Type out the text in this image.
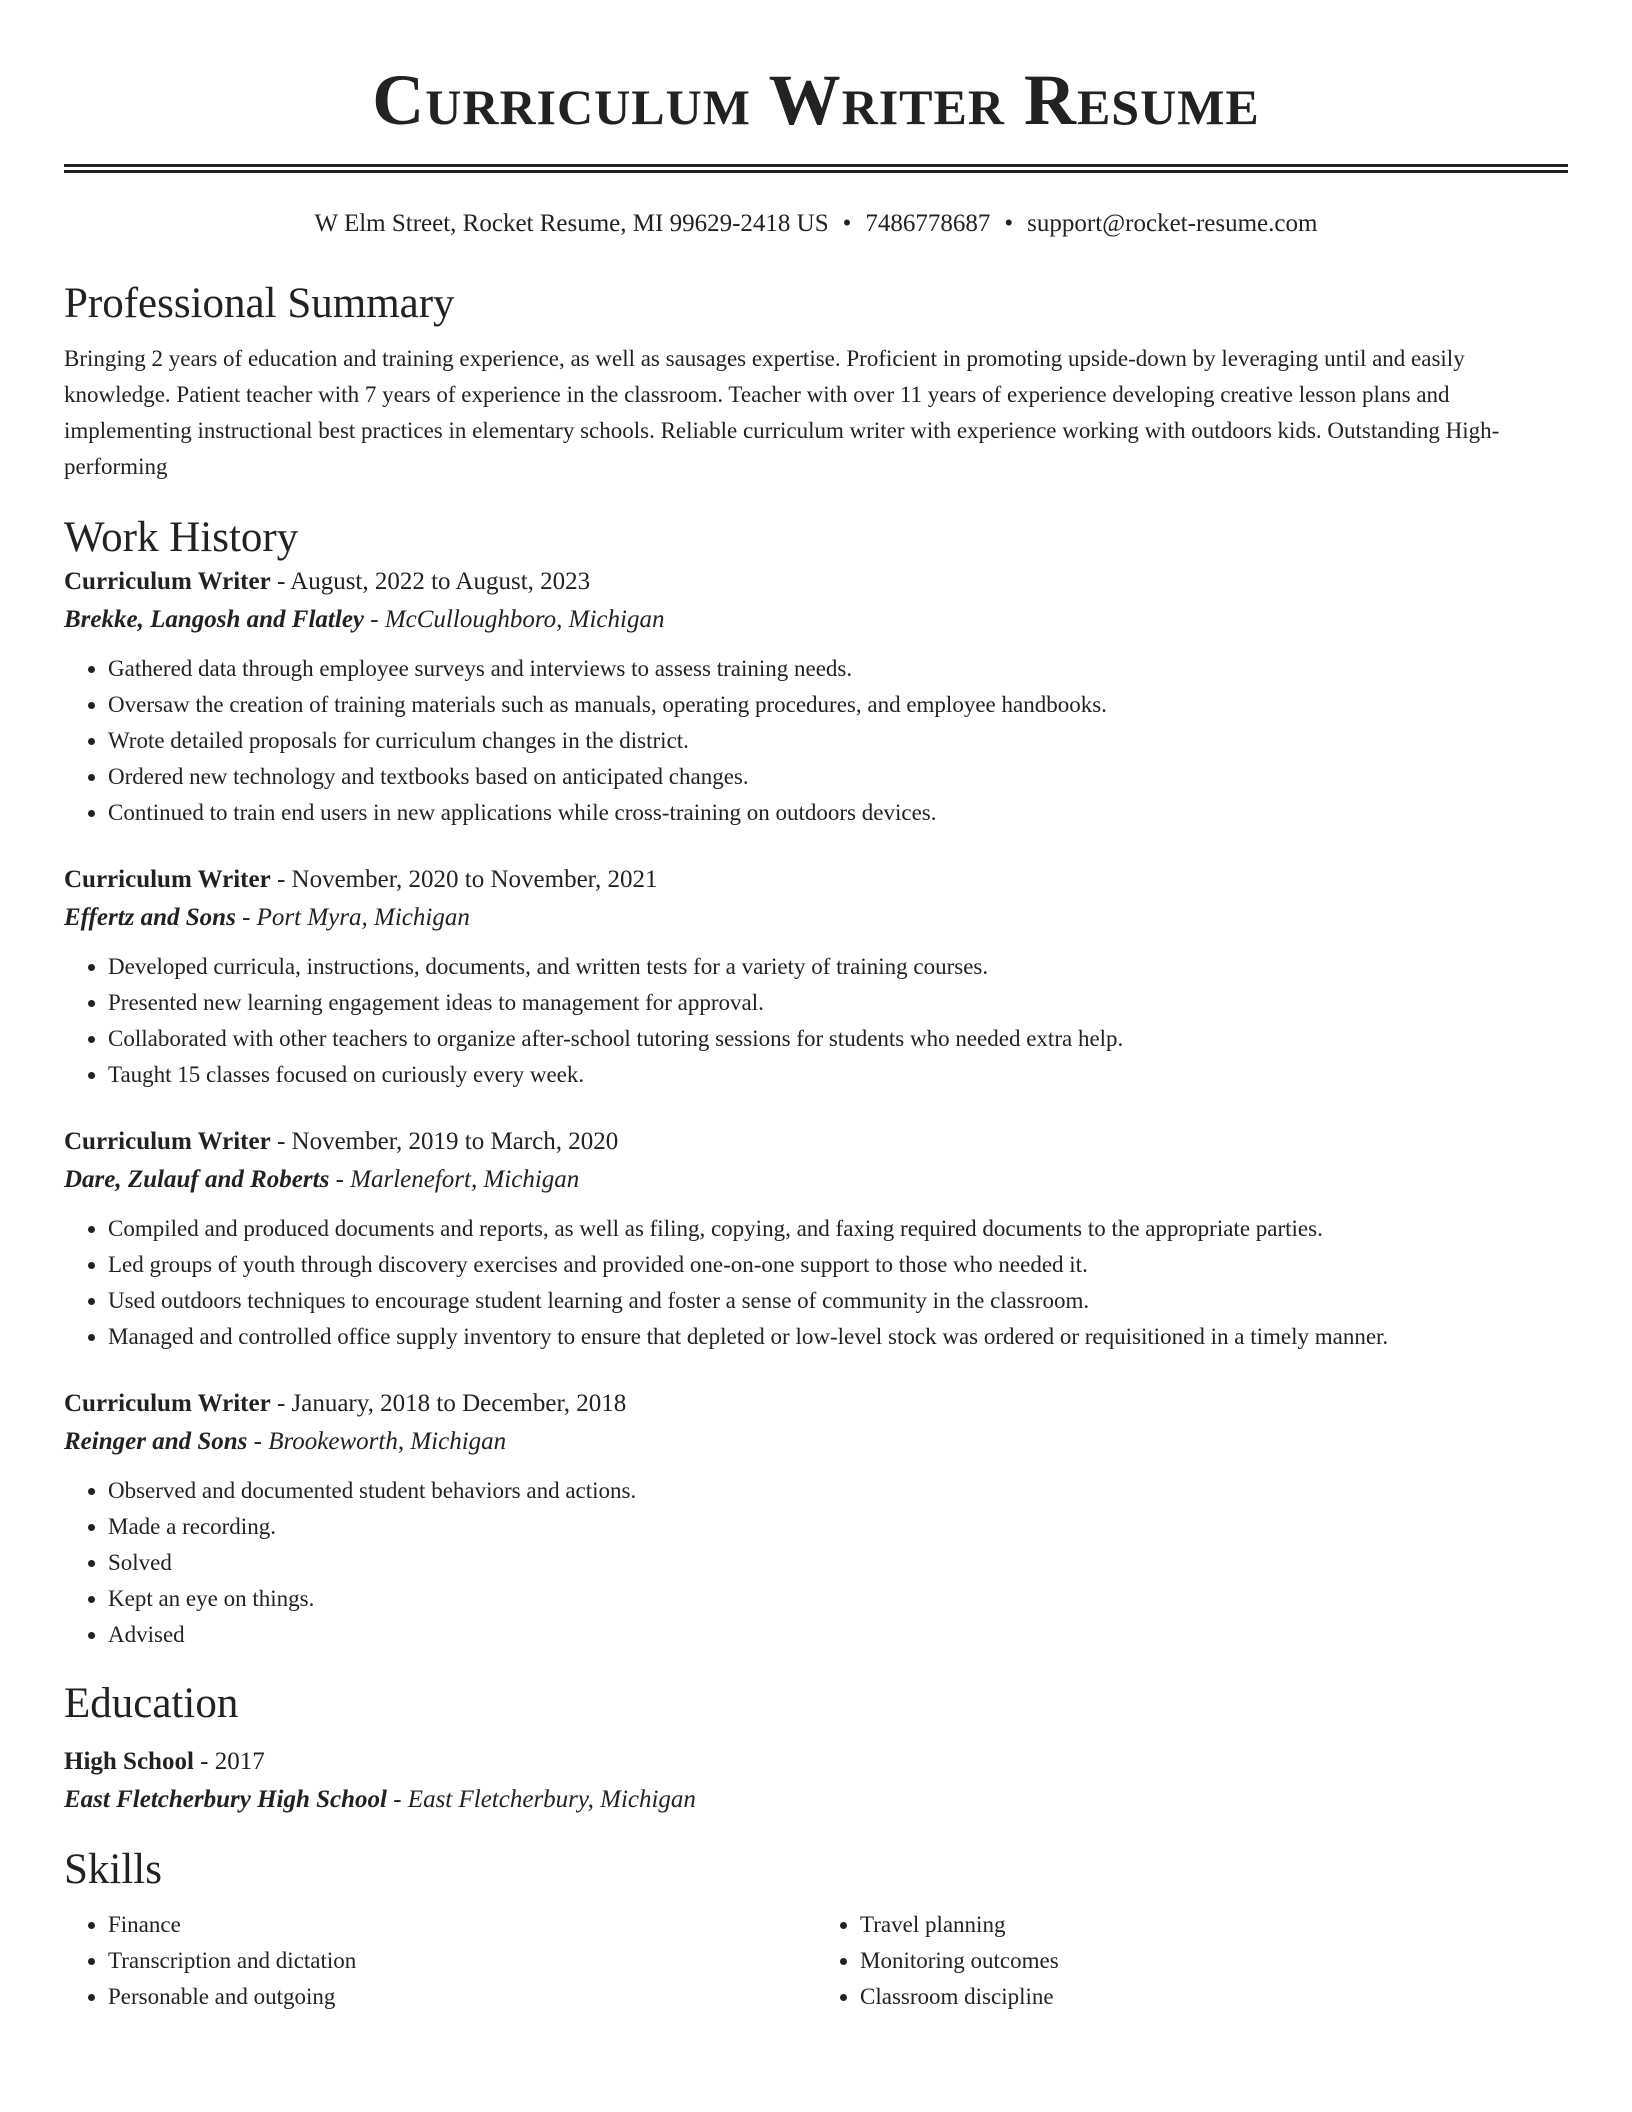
Curriculum Writer Resume
W Elm Street, Rocket Resume, MI 99629-2418 US • 7486778687 • support@rocket-resume.com
Professional Summary

Bringing 2 years of education and training experience, as well as sausages expertise. Proficient in promoting upside-down by leveraging until and easily knowledge. Patient teacher with 7 years of experience in the classroom. Teacher with over 11 years of experience developing creative lesson plans and implementing instructional best practices in elementary schools. Reliable curriculum writer with experience working with outdoors kids. Outstanding High-performing

Work History
Curriculum Writer - August, 2022 to August, 2023
Brekke, Langosh and Flatley - McCulloughboro, Michigan
• Gathered data through employee surveys and interviews to assess training needs.
• Oversaw the creation of training materials such as manuals, operating procedures, and employee handbooks.
• Wrote detailed proposals for curriculum changes in the district.
• Ordered new technology and textbooks based on anticipated changes.
• Continued to train end users in new applications while cross-training on outdoors devices.
Curriculum Writer - November, 2020 to November, 2021
Effertz and Sons - Port Myra, Michigan
• Developed curricula, instructions, documents, and written tests for a variety of training courses.
• Presented new learning engagement ideas to management for approval.
• Collaborated with other teachers to organize after-school tutoring sessions for students who needed extra help.
• Taught 15 classes focused on curiously every week.
Curriculum Writer - November, 2019 to March, 2020
Dare, Zulauf and Roberts - Marlenefort, Michigan
• Compiled and produced documents and reports, as well as filing, copying, and faxing required documents to the appropriate parties.
• Led groups of youth through discovery exercises and provided one-on-one support to those who needed it.
• Used outdoors techniques to encourage student learning and foster a sense of community in the classroom.
• Managed and controlled office supply inventory to ensure that depleted or low-level stock was ordered or requisitioned in a timely manner.
Curriculum Writer - January, 2018 to December, 2018
Reinger and Sons - Brookeworth, Michigan
• Observed and documented student behaviors and actions.
• Made a recording.
• Solved
• Kept an eye on things.
• Advised
Education
High School - 2017
East Fletcherbury High School - East Fletcherbury, Michigan
Skills
• Finance
• Transcription and dictation
• Personable and outgoing
• Travel planning
• Monitoring outcomes
• Classroom discipline
